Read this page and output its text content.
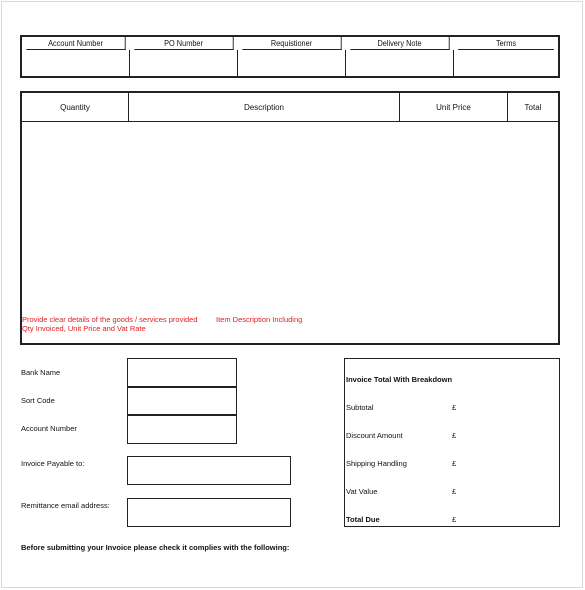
Account Number	PO Number	Requistioner	Delivery Note	Terms
Quantity	Description	Unit Price	Total
Provide clear details of the goods / services provided
Qty Invoiced, Unit Price and Vat Rate
Item Description Including
Bank Name
Sort Code
Account Number
Invoice Payable to:
Remittance email address:
Invoice Total With Breakdown
Subtotal	£
Discount Amount	£
Shipping Handling	£
Vat Value	£
Total Due	£
Before submitting your Invoice please check it complies with the following:
